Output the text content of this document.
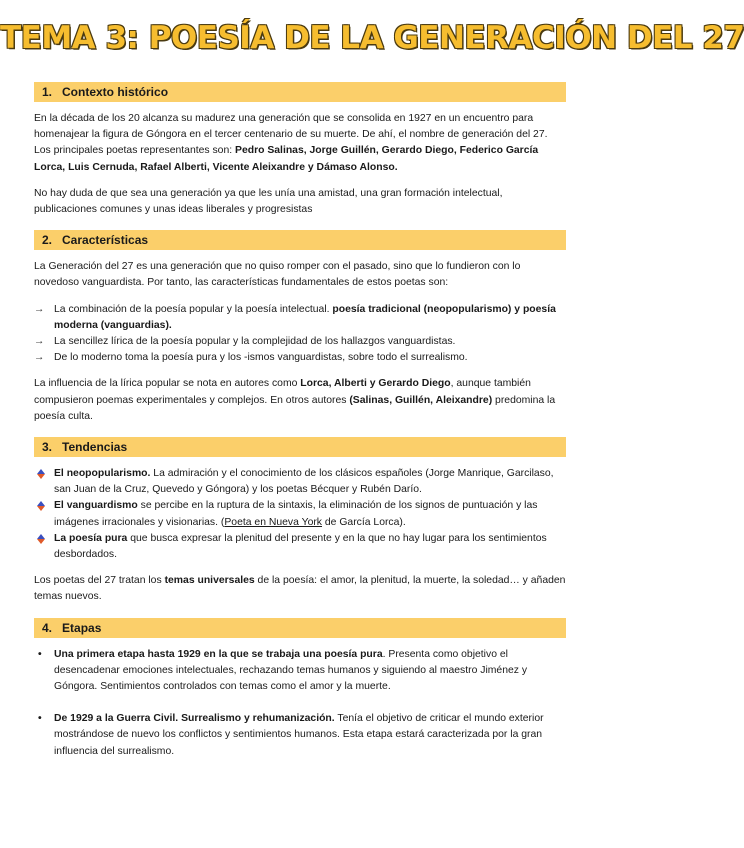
TEMA 3: POESÍA DE LA GENERACIÓN DEL 27
1. Contexto histórico

En la década de los 20 alcanza su madurez una generación que se consolida en 1927 en un encuentro para homenajear la figura de Góngora en el tercer centenario de su muerte. De ahí, el nombre de generación del 27. Los principales poetas representantes son: Pedro Salinas, Jorge Guillén, Gerardo Diego, Federico García Lorca, Luis Cernuda, Rafael Alberti, Vicente Aleixandre y Dámaso Alonso.

No hay duda de que sea una generación ya que les unía una amistad, una gran formación intelectual, publicaciones comunes y unas ideas liberales y progresistas

2. Características

La Generación del 27 es una generación que no quiso romper con el pasado, sino que lo fundieron con lo novedoso vanguardista. Por tanto, las características fundamentales de estos poetas son:

→ La combinación de la poesía popular y la poesía intelectual. poesía tradicional (neopopularismo) y poesía moderna (vanguardias).
→ La sencillez lírica de la poesía popular y la complejidad de los hallazgos vanguardistas.
→ De lo moderno toma la poesía pura y los -ismos vanguardistas, sobre todo el surrealismo.

La influencia de la lírica popular se nota en autores como Lorca, Alberti y Gerardo Diego, aunque también compusieron poemas experimentales y complejos. En otros autores (Salinas, Guillén, Aleixandre) predomina la poesía culta.

3. Tendencias
El neopopularismo. La admiración y el conocimiento de los clásicos españoles (Jorge Manrique, Garcilaso, san Juan de la Cruz, Quevedo y Góngora) y los poetas Bécquer y Rubén Darío.
El vanguardismo se percibe en la ruptura de la sintaxis, la eliminación de los signos de puntuación y las imágenes irracionales y visionarias. (Poeta en Nueva York de García Lorca).
La poesía pura que busca expresar la plenitud del presente y en la que no hay lugar para los sentimientos desbordados.

Los poetas del 27 tratan los temas universales de la poesía: el amor, la plenitud, la muerte, la soledad… y añaden temas nuevos.

4. Etapas
• Una primera etapa hasta 1929 en la que se trabaja una poesía pura. Presenta como objetivo el desencadenar emociones intelectuales, rechazando temas humanos y siguiendo al maestro Jiménez y Góngora. Sentimientos controlados con temas como el amor y la muerte.
• De 1929 a la Guerra Civil. Surrealismo y rehumanización. Tenía el objetivo de criticar el mundo exterior mostrándose de nuevo los conflictos y sentimientos humanos. Esta etapa estará caracterizada por la gran influencia del surrealismo.
